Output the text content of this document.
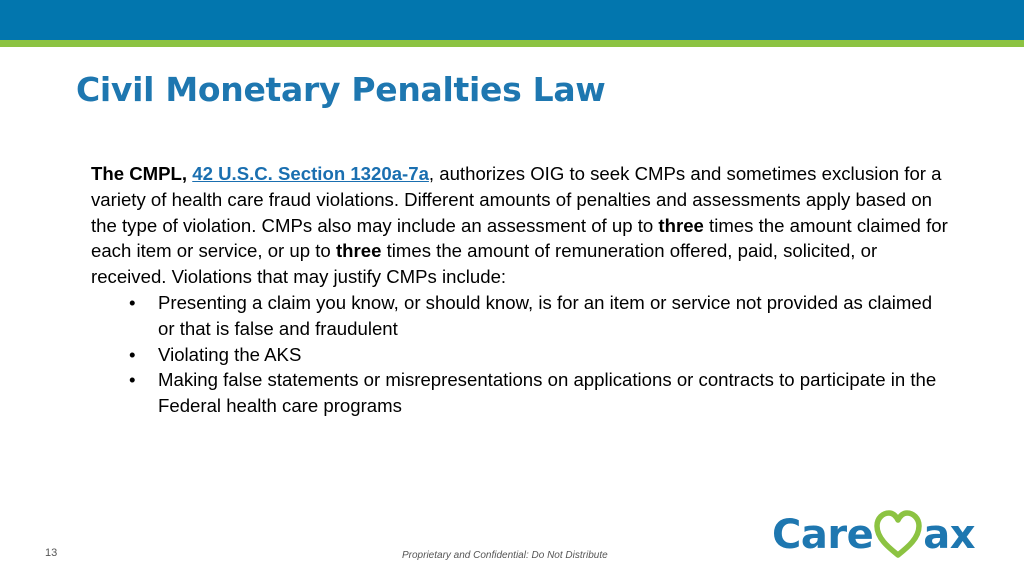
Civil Monetary Penalties Law

The CMPL, 42 U.S.C. Section 1320a-7a, authorizes OIG to seek CMPs and sometimes exclusion for a variety of health care fraud violations. Different amounts of penalties and assessments apply based on the type of violation. CMPs also may include an assessment of up to three times the amount claimed for each item or service, or up to three times the amount of remuneration offered, paid, solicited, or received. Violations that may justify CMPs include:

• Presenting a claim you know, or should know, is for an item or service not provided as claimed or that is false and fraudulent
• Violating the AKS
• Making false statements or misrepresentations on applications or contracts to participate in the Federal health care programs
13	Proprietary and Confidential: Do Not Distribute	Care ax
